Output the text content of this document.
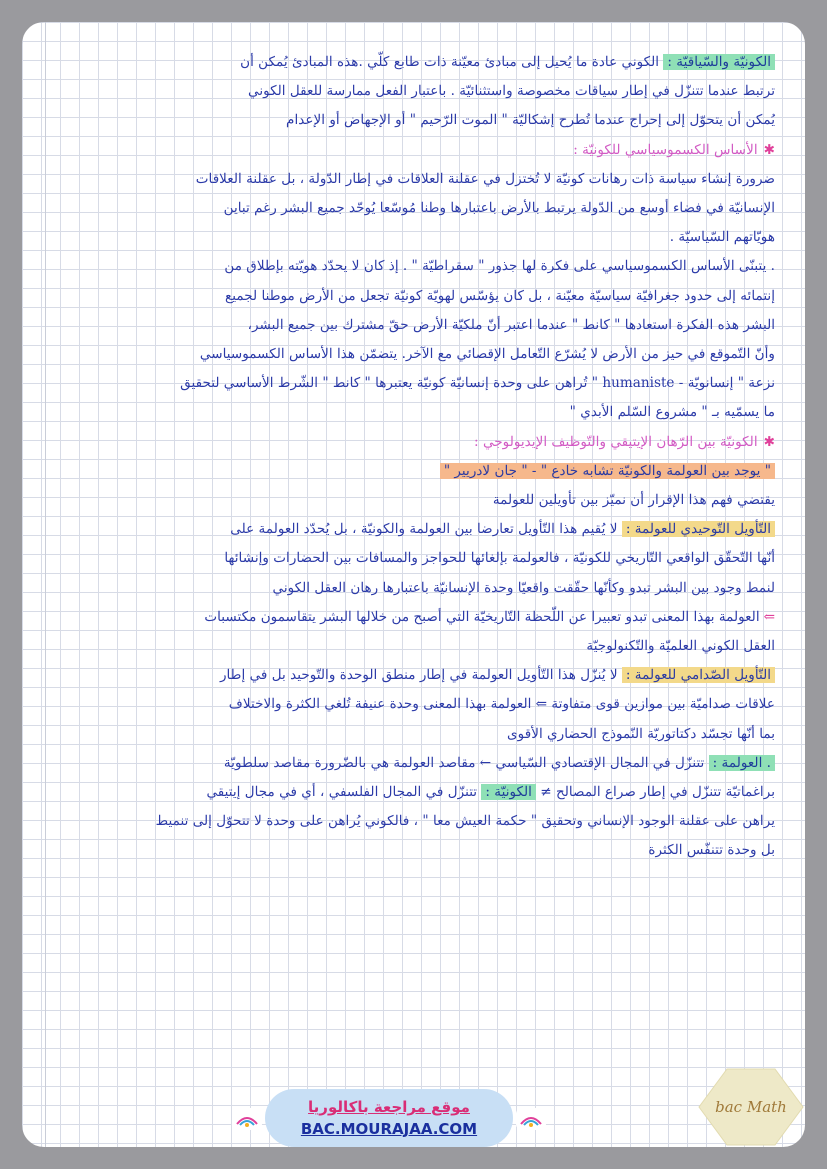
الكونيّة والسّياقيّة : الكوني عادة ما يُحيل إلى مبادئ معيّنة ذات طابع كلّي .هذه المبادئ يُمكن أن

ترتبط عندما تتنزّل في إطار سياقات مخصوصة واستثنائيّة . باعتبار الفعل ممارسة للعقل الكوني

يُمكن أن يتحوّل إلى إحراج عندما تُطرح إشكاليّة " الموت الرّحيم " أو الإجهاض أو الإعدام

✱الأساس الكسموسياسي للكونيّة :

ضرورة إنشاء سياسة ذات رهانات كونيّة لا تُختزل في عقلنة العلاقات في إطار الدّولة ، بل عقلنة العلاقات

الإنسانيّة في فضاء أوسع من الدّولة يرتبط بالأرض باعتبارها وطنا مُوسّعا يُوحّد جميع البشر رغم تباين

هويّاتهم السّياسيّة .

. يتبنّى الأساس الكسموسياسي على فكرة لها جذور " سقراطيّة " . إذ كان لا يحدّد هويّته بإطلاق من

إنتمائه إلى حدود جغرافيّة سياسيّة معيّنة ، بل كان يؤسّس لهويّة كونيّة تجعل من الأرض موطنا لجميع

البشر هذه الفكرة استعادها " كانط " عندما اعتبر أنّ ملكيّة الأرض حقّ مشترك بين جميع البشر،

وأنّ التّموقع في حيز من الأرض لا يُشرّع التّعامل الإقصائي مع الآخر. يتضمّن هذا الأساس الكسموسياسي

نزعة " إنسانويّة - humaniste " تُراهن على وحدة إنسانيّة كونيّة يعتبرها " كانط " الشّرط الأساسي لتحقيق

ما يسمّيه بـ " مشروع السّلم الأبدي "

✱الكونيّة بين الرّهان الإيتيقي والتّوظيف الإيديولوجي :

" يوجد بين العولمة والكونيّة تشابه خادع " - " جان لادريير "

يقتضي فهم هذا الإقرار أن نميّز بين تأويلين للعولمة

التّأويل التّوحيدي للعولمة : لا يُقيم هذا التّأويل تعارضا بين العولمة والكونيّة ، بل يُحدّد العولمة على

أنّها التّحقّق الواقعي التّاريخي للكونيّة ، فالعولمة بإلغائها للحواجز والمسافات بين الحضارات وإنشائها

لنمط وجود بين البشر تبدو وكأنّها حقّقت واقعيّا وحدة الإنسانيّة باعتبارها رهان العقل الكوني

⇐العولمة بهذا المعنى تبدو تعبيرا عن اللّحظة التّاريخيّة التي أصبح من خلالها البشر يتقاسمون مكتسبات

العقل الكوني العلميّة والتّكنولوجيّة

التّأويل الصّدامي للعولمة : لا يُنزّل هذا التّأويل العولمة في إطار منطق الوحدة والتّوحيد بل في إطار

علاقات صداميّة بين موازين قوى متفاوتة ⇐ العولمة بهذا المعنى وحدة عنيفة تُلغي الكثرة والاختلاف

بما أنّها تجسّد دكتاتوريّة النّموذج الحضاري الأقوى

. العولمة : تتنزّل في المجال الإقتصادي السّياسي ← مقاصد العولمة هي بالضّرورة مقاصد سلطويّة

براغماتيّة تتنزّل في إطار صراع المصالح ≠ الكونيّة : تتنزّل في المجال الفلسفي ، أي في مجال إيتيقي

يراهن على عقلنة الوجود الإنساني وتحقيق " حكمة العيش معا " ، فالكوني يُراهن على وحدة لا تتحوّل إلى تنميط

بل وحدة تتنفّس الكثرة

موقع مراجعة باكالوريا
BAC.MOURAJAA.COM
bac Math
